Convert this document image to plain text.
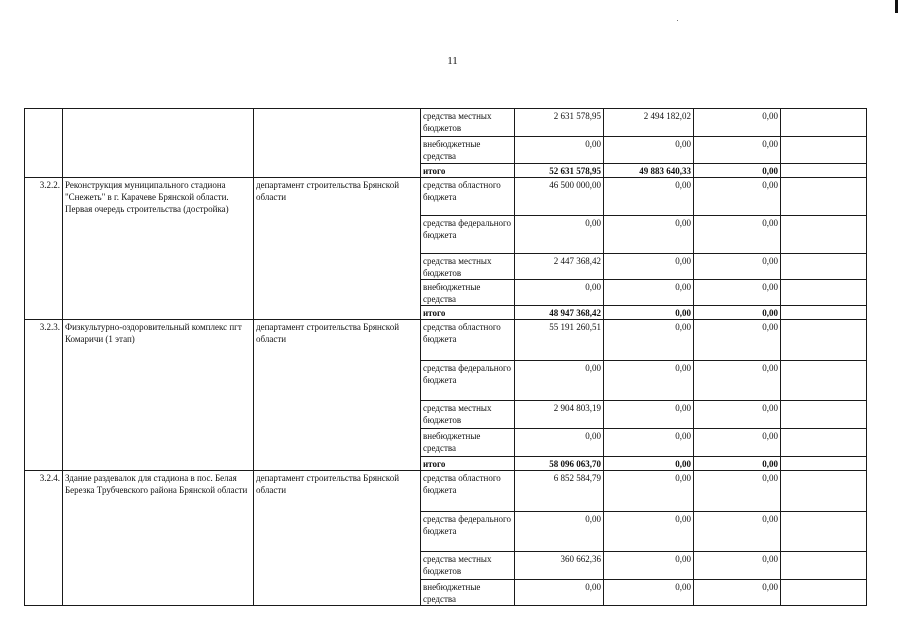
11
			средства местных бюджетов	2 631 578,95	2 494 182,02	0,00	
			внебюджетные средства	0,00	0,00	0,00	
			итого	52 631 578,95	49 883 640,33	0,00	
3.2.2.	Реконструкция муниципального стадиона "Снежеть" в г. Карачеве Брянской области. Первая очередь строительства (достройка)	департамент строительства Брянской области	средства областного бюджета	46 500 000,00	0,00	0,00	
			средства федерального бюджета	0,00	0,00	0,00	
			средства местных бюджетов	2 447 368,42	0,00	0,00	
			внебюджетные средства	0,00	0,00	0,00	
			итого	48 947 368,42	0,00	0,00	
3.2.3.	Физкультурно-оздоровительный комплекс пгт Комаричи (1 этап)	департамент строительства Брянской области	средства областного бюджета	55 191 260,51	0,00	0,00	
			средства федерального бюджета	0,00	0,00	0,00	
			средства местных бюджетов	2 904 803,19	0,00	0,00	
			внебюджетные средства	0,00	0,00	0,00	
			итого	58 096 063,70	0,00	0,00	
3.2.4.	Здание раздевалок для стадиона в пос. Белая Березка Трубчевского района Брянской области	департамент строительства Брянской области	средства областного бюджета	6 852 584,79	0,00	0,00	
			средства федерального бюджета	0,00	0,00	0,00	
			средства местных бюджетов	360 662,36	0,00	0,00	
			внебюджетные средства	0,00	0,00	0,00	
